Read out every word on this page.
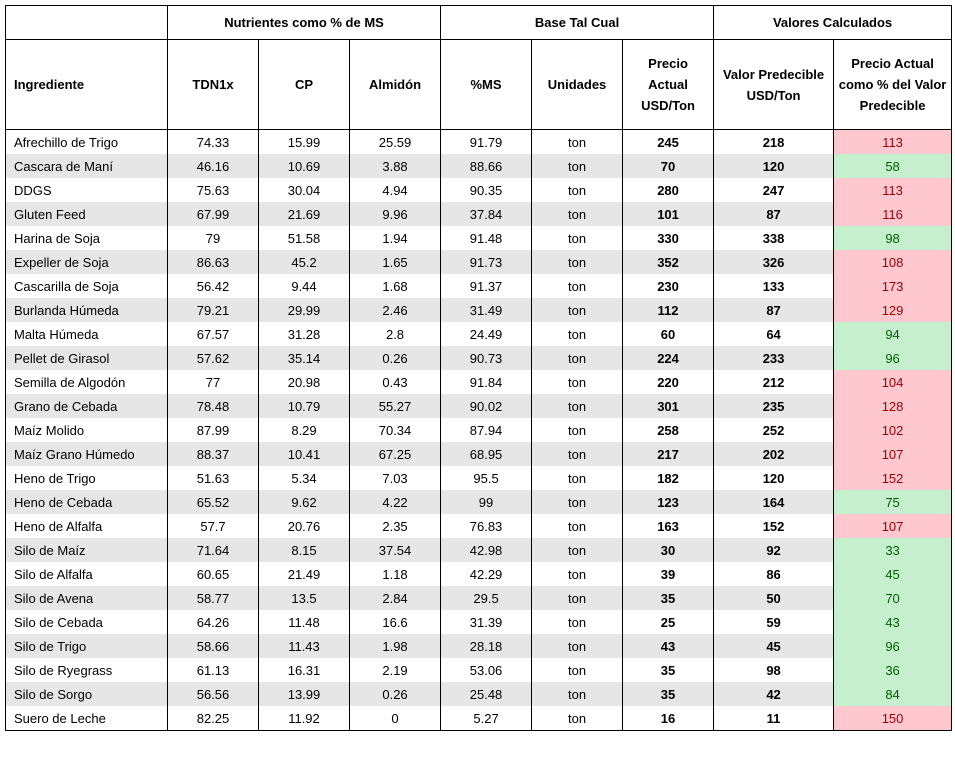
	Nutrientes como % de MS			Base Tal Cual			Valores Calculados	
Ingrediente	TDN1x	CP	Almidón	%MS	Unidades	Precio Actual USD/Ton	Valor Predecible USD/Ton	Precio Actual como % del Valor Predecible
Afrechillo de Trigo	74.33	15.99	25.59	91.79	ton	245	218	113
Cascara de Maní	46.16	10.69	3.88	88.66	ton	70	120	58
DDGS	75.63	30.04	4.94	90.35	ton	280	247	113
Gluten Feed	67.99	21.69	9.96	37.84	ton	101	87	116
Harina de Soja	79	51.58	1.94	91.48	ton	330	338	98
Expeller de Soja	86.63	45.2	1.65	91.73	ton	352	326	108
Cascarilla de Soja	56.42	9.44	1.68	91.37	ton	230	133	173
Burlanda Húmeda	79.21	29.99	2.46	31.49	ton	112	87	129
Malta Húmeda	67.57	31.28	2.8	24.49	ton	60	64	94
Pellet de Girasol	57.62	35.14	0.26	90.73	ton	224	233	96
Semilla de Algodón	77	20.98	0.43	91.84	ton	220	212	104
Grano de Cebada	78.48	10.79	55.27	90.02	ton	301	235	128
Maíz Molido	87.99	8.29	70.34	87.94	ton	258	252	102
Maíz Grano Húmedo	88.37	10.41	67.25	68.95	ton	217	202	107
Heno de Trigo	51.63	5.34	7.03	95.5	ton	182	120	152
Heno de Cebada	65.52	9.62	4.22	99	ton	123	164	75
Heno de Alfalfa	57.7	20.76	2.35	76.83	ton	163	152	107
Silo de Maíz	71.64	8.15	37.54	42.98	ton	30	92	33
Silo de Alfalfa	60.65	21.49	1.18	42.29	ton	39	86	45
Silo de Avena	58.77	13.5	2.84	29.5	ton	35	50	70
Silo de Cebada	64.26	11.48	16.6	31.39	ton	25	59	43
Silo de Trigo	58.66	11.43	1.98	28.18	ton	43	45	96
Silo de Ryegrass	61.13	16.31	2.19	53.06	ton	35	98	36
Silo de Sorgo	56.56	13.99	0.26	25.48	ton	35	42	84
Suero de Leche	82.25	11.92	0	5.27	ton	16	11	150
